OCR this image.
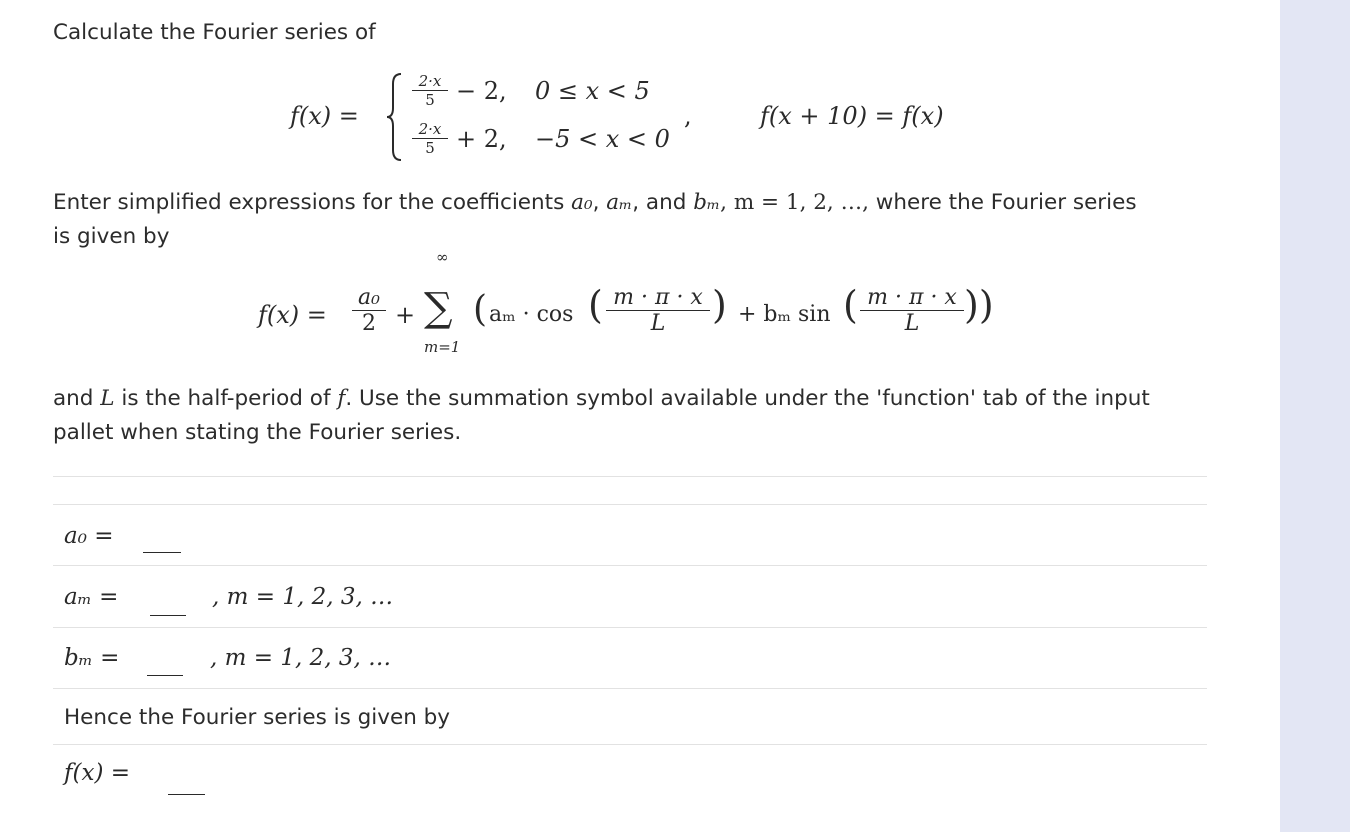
Calculate the Fourier series of
f(x) =
2·x
5 − 2, 0 ≤ x < 5
2·x
5 + 2, −5 < x < 0
,	f(x + 10) = f(x)
Enter simplified expressions for the coefficients a₀, aₘ, and bₘ, m = 1, 2, …, where the Fourier series
is given by
f(x) =
a₀
2 +
∞
∑
m=1
( aₘ · cos ( m · π · x
L	) + bₘ sin ( m · π · x
L	))
and L is the half-period of f. Use the summation symbol available under the 'function' tab of the input
pallet when stating the Fourier series.
a₀ =
aₘ =	, m = 1, 2, 3, …
bₘ =	, m = 1, 2, 3, …
Hence the Fourier series is given by
f(x) =
